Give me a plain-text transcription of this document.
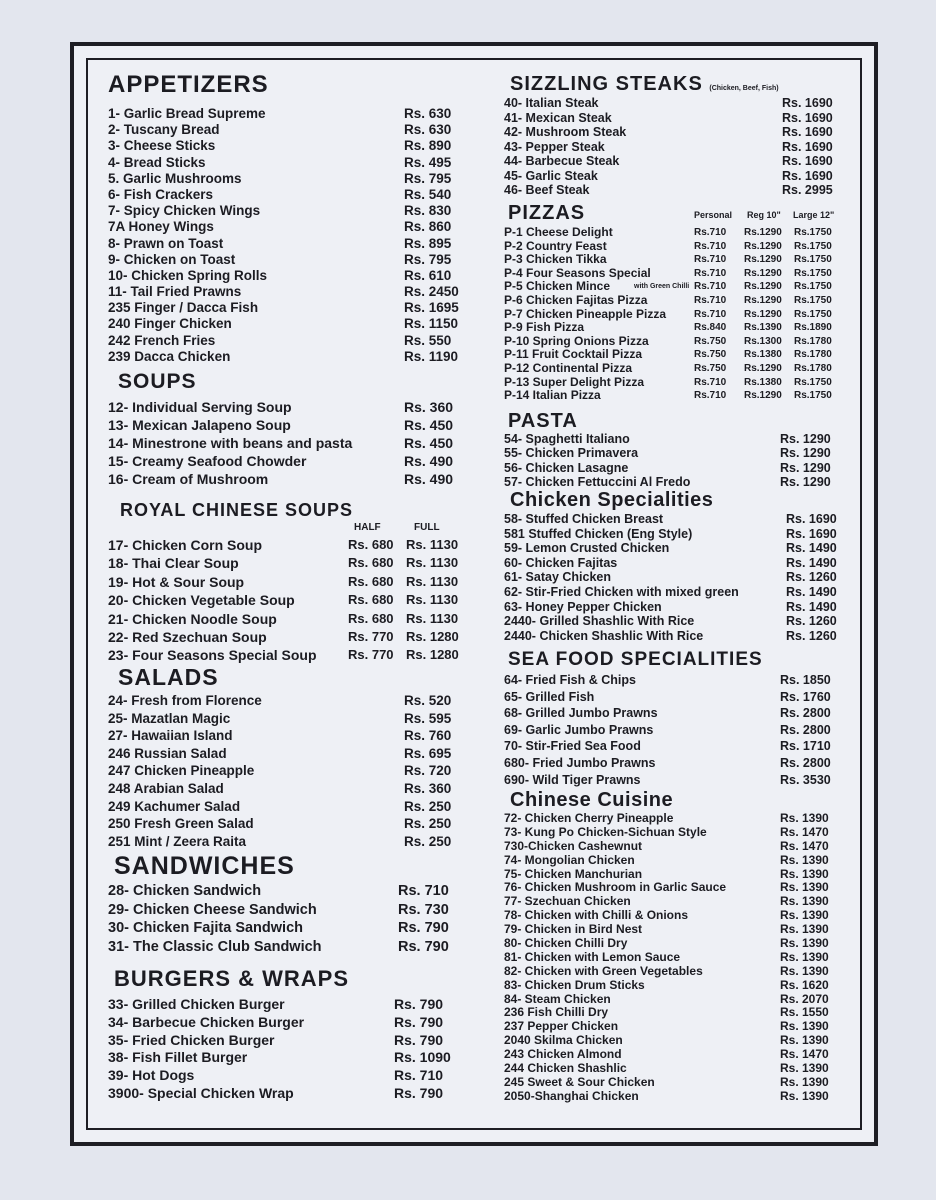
APPETIZERS
1- Garlic Bread Supreme	Rs. 630
2- Tuscany Bread	Rs. 630
3- Cheese Sticks	Rs. 890
4- Bread Sticks	Rs. 495
5. Garlic Mushrooms	Rs. 795
6- Fish Crackers	Rs. 540
7- Spicy Chicken Wings	Rs. 830
7A Honey Wings	Rs. 860
8- Prawn on Toast	Rs. 895
9- Chicken on Toast	Rs. 795
10- Chicken Spring Rolls	Rs. 610
11- Tail Fried Prawns	Rs. 2450
235 Finger / Dacca Fish	Rs. 1695
240 Finger Chicken	Rs. 1150
242 French Fries	Rs. 550
239 Dacca Chicken	Rs. 1190
SOUPS
12- Individual Serving Soup	Rs. 360
13- Mexican Jalapeno Soup	Rs. 450
14- Minestrone with beans and pasta	Rs. 450
15- Creamy Seafood Chowder	Rs. 490
16- Cream of Mushroom	Rs. 490
ROYAL CHINESE SOUPS
HALF	FULL
17- Chicken Corn Soup	Rs. 680 Rs. 1130
18- Thai Clear Soup	Rs. 680 Rs. 1130
19- Hot & Sour Soup	Rs. 680 Rs. 1130
20- Chicken Vegetable Soup	Rs. 680 Rs. 1130
21- Chicken Noodle Soup	Rs. 680 Rs. 1130
22- Red Szechuan Soup	Rs. 770 Rs. 1280
23- Four Seasons Special Soup Rs. 770 Rs. 1280
SALADS
24- Fresh from Florence	Rs. 520
25- Mazatlan Magic	Rs. 595
27- Hawaiian Island	Rs. 760
246 Russian Salad	Rs. 695
247 Chicken Pineapple	Rs. 720
248 Arabian Salad	Rs. 360
249 Kachumer Salad	Rs. 250
250 Fresh Green Salad	Rs. 250
251 Mint / Zeera Raita	Rs. 250
SANDWICHES
28- Chicken Sandwich	Rs. 710
29- Chicken Cheese Sandwich	Rs. 730
30- Chicken Fajita Sandwich	Rs. 790
31- The Classic Club Sandwich	Rs. 790
BURGERS & WRAPS
33- Grilled Chicken Burger	Rs. 790
34- Barbecue Chicken Burger	Rs. 790
35- Fried Chicken Burger	Rs. 790
38- Fish Fillet Burger	Rs. 1090
39- Hot Dogs	Rs. 710
3900- Special Chicken Wrap	Rs. 790
SIZZLING STEAKS (Chicken, Beef, Fish)
40- Italian Steak	Rs. 1690
41- Mexican Steak	Rs. 1690
42- Mushroom Steak	Rs. 1690
43- Pepper Steak	Rs. 1690
44- Barbecue Steak	Rs. 1690
45- Garlic Steak	Rs. 1690
46- Beef Steak	Rs. 2995
PIZZAS	Personal Reg 10" Large 12"
P-1 Cheese Delight	Rs.710 Rs.1290 Rs.1750
P-2 Country Feast	Rs.710 Rs.1290 Rs.1750
P-3 Chicken Tikka	Rs.710 Rs.1290 Rs.1750
P-4 Four Seasons Special	Rs.710 Rs.1290 Rs.1750
P-5 Chicken Mince	Rs.710 Rs.1290 Rs.1750
with Green Chilli
P-6 Chicken Fajitas Pizza	Rs.710 Rs.1290 Rs.1750
P-7 Chicken Pineapple Pizza	Rs.710 Rs.1290 Rs.1750
P-9 Fish Pizza	Rs.840 Rs.1390 Rs.1890
P-10 Spring Onions Pizza	Rs.750 Rs.1300 Rs.1780
P-11 Fruit Cocktail Pizza	Rs.750 Rs.1380 Rs.1780
P-12 Continental Pizza	Rs.750 Rs.1290 Rs.1780
P-13 Super Delight Pizza	Rs.710 Rs.1380 Rs.1750
P-14 Italian Pizza	Rs.710 Rs.1290 Rs.1750
PASTA
54- Spaghetti Italiano	Rs. 1290
55- Chicken Primavera	Rs. 1290
56- Chicken Lasagne	Rs. 1290
57- Chicken Fettuccini Al Fredo	Rs. 1290
Chicken Specialities
58- Stuffed Chicken Breast	Rs. 1690
581 Stuffed Chicken (Eng Style)	Rs. 1690
59- Lemon Crusted Chicken	Rs. 1490
60- Chicken Fajitas	Rs. 1490
61- Satay Chicken	Rs. 1260
62- Stir-Fried Chicken with mixed green	Rs. 1490
63- Honey Pepper Chicken	Rs. 1490
2440- Grilled Shashlic With Rice	Rs. 1260
2440- Chicken Shashlic With Rice	Rs. 1260
SEA FOOD SPECIALITIES
64- Fried Fish & Chips	Rs. 1850
65- Grilled Fish	Rs. 1760
68- Grilled Jumbo Prawns	Rs. 2800
69- Garlic Jumbo Prawns	Rs. 2800
70- Stir-Fried Sea Food	Rs. 1710
680- Fried Jumbo Prawns	Rs. 2800
690- Wild Tiger Prawns	Rs. 3530
Chinese Cuisine
72- Chicken Cherry Pineapple	Rs. 1390
73- Kung Po Chicken-Sichuan Style	Rs. 1470
730-Chicken Cashewnut	Rs. 1470
74- Mongolian Chicken	Rs. 1390
75- Chicken Manchurian	Rs. 1390
76- Chicken Mushroom in Garlic Sauce	Rs. 1390
77- Szechuan Chicken	Rs. 1390
78- Chicken with Chilli & Onions	Rs. 1390
79- Chicken in Bird Nest	Rs. 1390
80- Chicken Chilli Dry	Rs. 1390
81- Chicken with Lemon Sauce	Rs. 1390
82- Chicken with Green Vegetables	Rs. 1390
83- Chicken Drum Sticks	Rs. 1620
84- Steam Chicken	Rs. 2070
236 Fish Chilli Dry	Rs. 1550
237 Pepper Chicken	Rs. 1390
2040 Skilma Chicken	Rs. 1390
243 Chicken Almond	Rs. 1470
244 Chicken Shashlic	Rs. 1390
245 Sweet & Sour Chicken	Rs. 1390
2050-Shanghai Chicken	Rs. 1390
